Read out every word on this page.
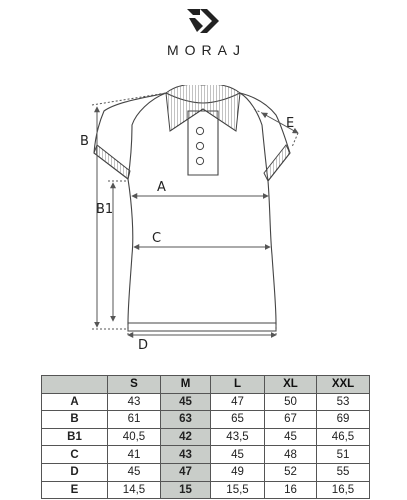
MORAJ
B
B1
A
C
D
E
	S	M	L	XL	XXL
A	43	45	47	50	53
B	61	63	65	67	69
B1	40,5	42	43,5	45	46,5
C	41	43	45	48	51
D	45	47	49	52	55
E	14,5	15	15,5	16	16,5
